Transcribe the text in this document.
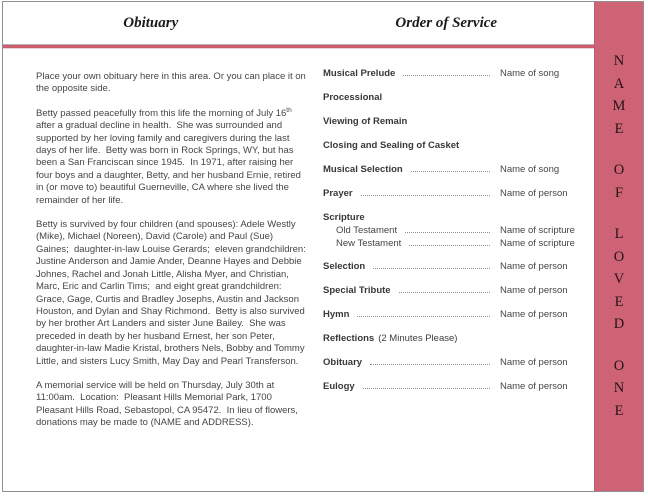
Obituary	Order of Service

Place your own obituary here in this area. Or you can place it on the opposite side.

Betty passed peacefully from this life the morning of July 16th after a gradual decline in health.  She was surrounded and supported by her loving family and caregivers during the last days of her life.  Betty was born in Rock Springs, WY, but has been a San Franciscan since 1945.  In 1971, after raising her four boys and a daughter, Betty, and her husband Ernie, retired in (or move to) beautiful Guerneville, CA where she lived the remainder of her life.

Betty is survived by four children (and spouses): Adele Westly (Mike), Michael (Noreen), David (Carole) and Paul (Sue) Gaines;  daughter-in-law Louise Gerards;  eleven grandchildren: Justine Anderson and Jamie Ander, Deanne Hayes and Debbie Johnes, Rachel and Jonah Little, Alisha Myer, and Christian, Marc, Eric and Carlin Tims;  and eight great grandchildren: Grace, Gage, Curtis and Bradley Josephs, Austin and Jackson Houston, and Dylan and Shay Richmond.  Betty is also survived by her brother Art Landers and sister June Bailey.  She was preceded in death by her husband Ernest, her son Peter, daughter-in-law Madie Kristal, brothers Nels, Bobby and Tommy Little, and sisters Lucy Smith, May Day and Pearl Transferson.

A memorial service will be held on Thursday, July 30th at 11:00am.  Location:  Pleasant Hills Memorial Park, 1700 Pleasant Hills Road, Sebastopol, CA 95472.  In lieu of flowers, donations may be made to (NAME and ADDRESS).

Musical Prelude	Name of song
Processional
Viewing of Remain
Closing and Sealing of Casket
Musical Selection	Name of song
Prayer	Name of person
Scripture
Old Testament	Name of scripture
New Testament	Name of scripture
Selection	Name of person
Special Tribute	Name of person
Hymn	Name of person
Reflections (2 Minutes Please)
Obituary	Name of person
Eulogy	Name of person
N
A
M
E
O
F
L
O
V
E
D
O
N
E
